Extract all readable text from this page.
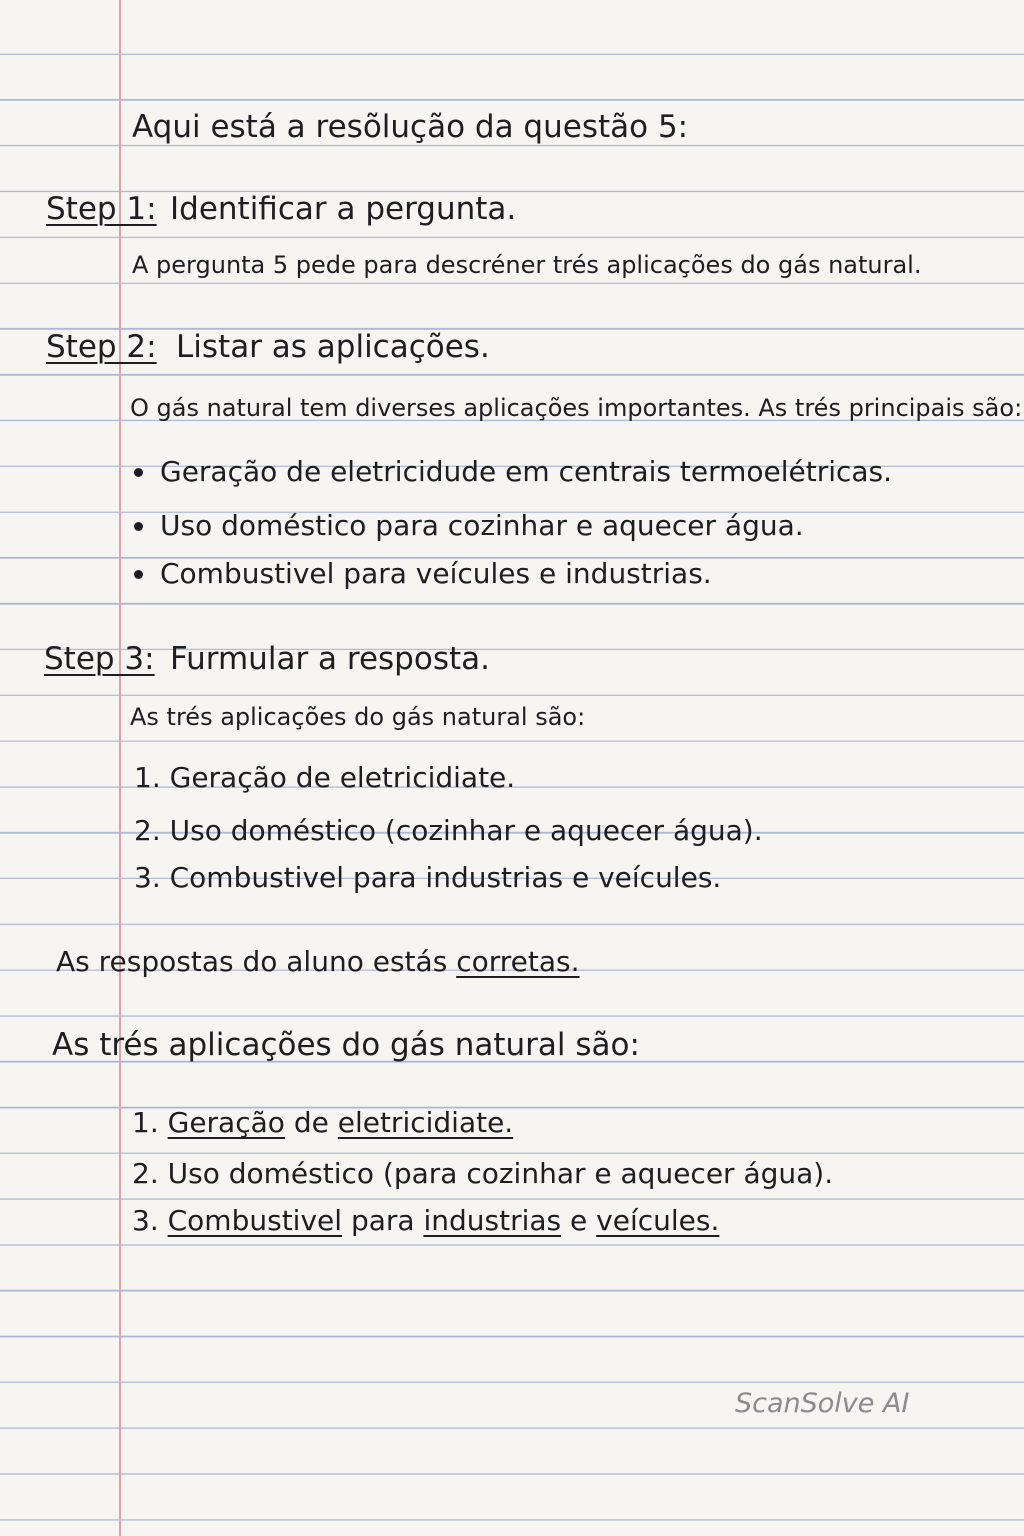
Aqui está a resõlução da questão 5:
Step 1: Identificar a pergunta.
A pergunta 5 pede para descréner trés aplicações do gás natural.
Step 2: Listar as aplicações.
O gás natural tem diverses aplicações importantes. As trés principais são:
Geração de eletricidude em centrais termoelétricas.
Uso doméstico para cozinhar e aquecer água.
Combustivel para veícules e industrias.
Step 3: Furmular a resposta.
As trés aplicações do gás natural são:
1. Geração de eletricidiate.
2. Uso doméstico (cozinhar e aquecer água).
3. Combustivel para industrias e veícules.
As respostas do aluno estás corretas.
As trés aplicações do gás natural são:
1. Geração de eletricidiate.
2. Uso doméstico (para cozinhar e aquecer água).
3. Combustivel para industrias e veícules.
ScanSolve AI
